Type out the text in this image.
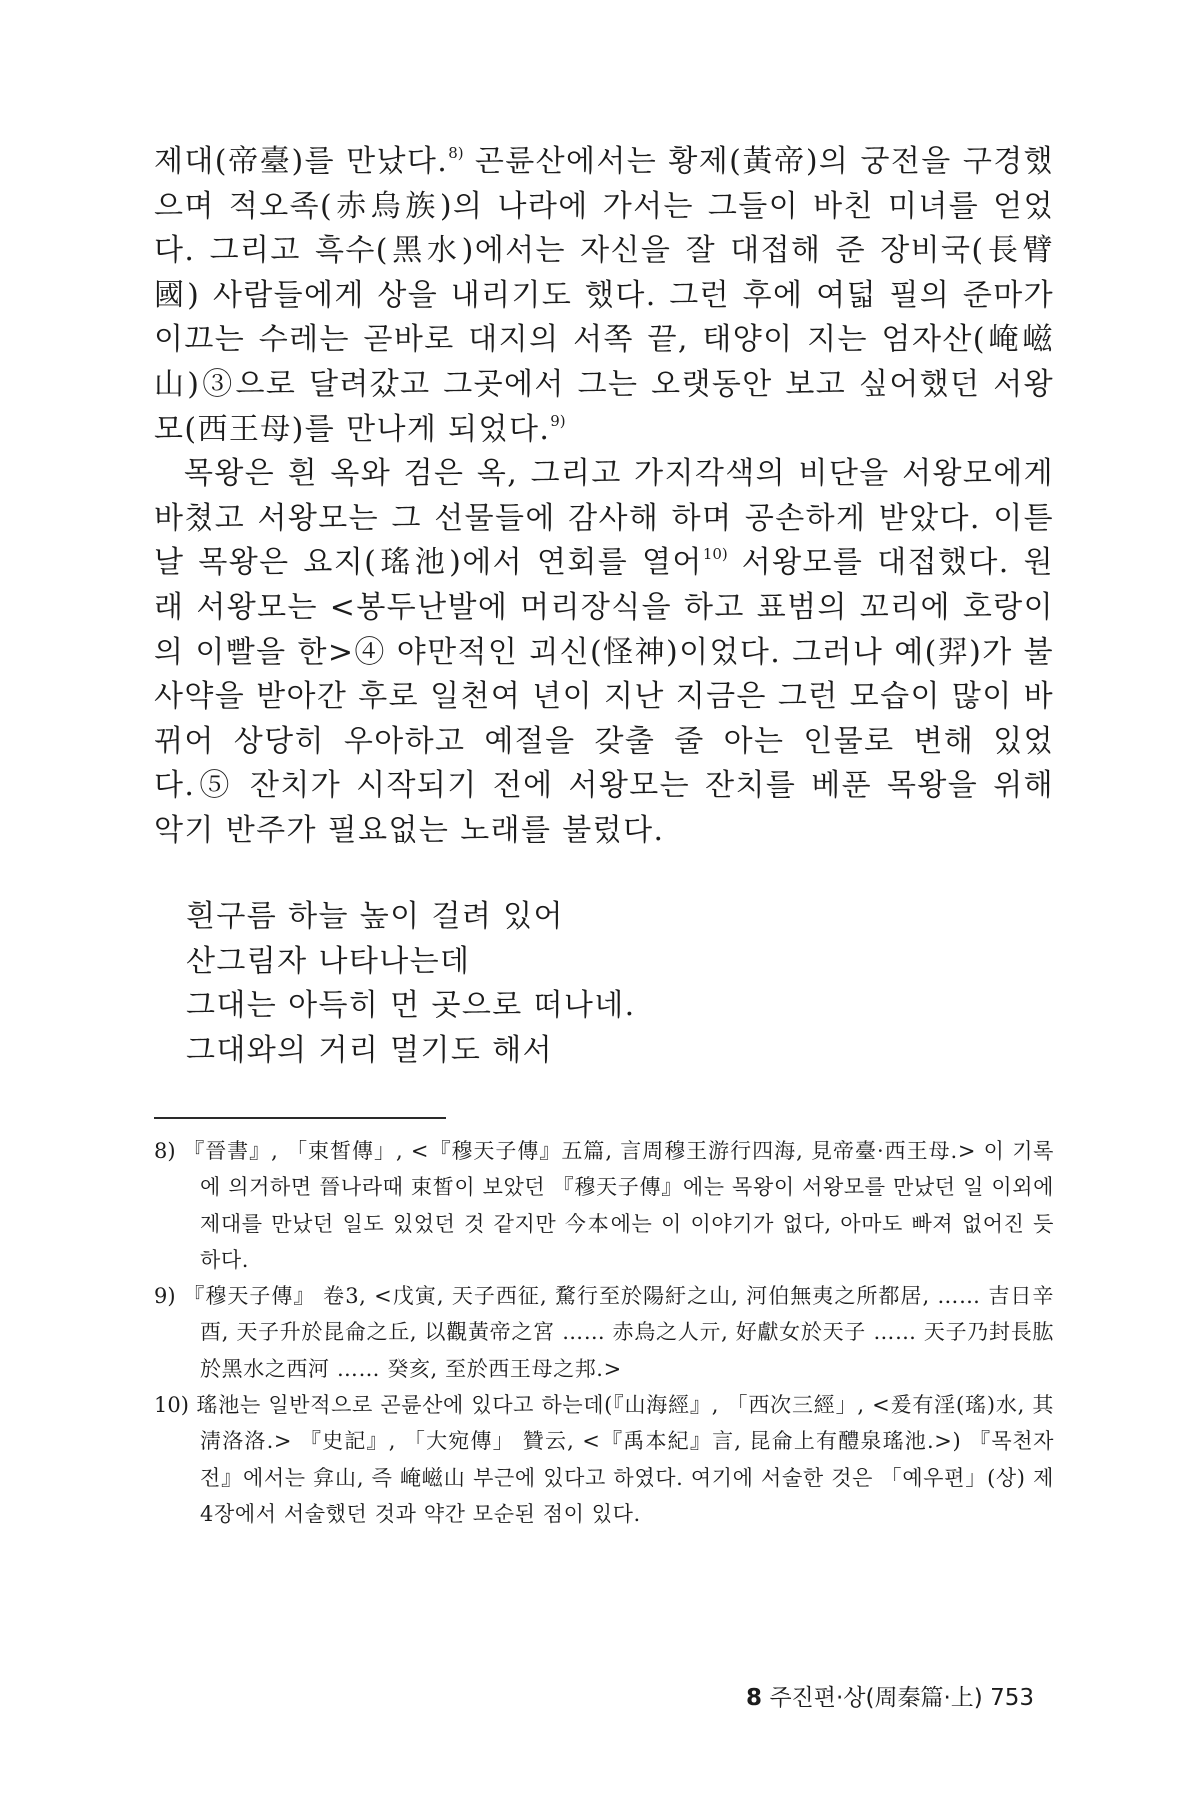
제대(帝臺)를 만났다.$^{8)}$ 곤륜산에서는 황제(黃帝)의 궁전을 구경했으며 적오족(赤烏族)의 나라에 가서는 그들이 바친 미녀를 얻었다. 그리고 흑수(黑水)에서는 자신을 잘 대접해 준 장비국(長臂國) 사람들에게 상을 내리기도 했다. 그런 후에 여덟 필의 준마가 이끄는 수레는 곧바로 대지의 서쪽 끝, 태양이 지는 엄자산(崦嵫山)③으로 달려갔고 그곳에서 그는 오랫동안 보고 싶어했던 서왕모(西王母)를 만나게 되었다.$^{9)}$

목왕은 흰 옥와 검은 옥, 그리고 가지각색의 비단을 서왕모에게 바쳤고 서왕모는 그 선물들에 감사해 하며 공손하게 받았다. 이튿날 목왕은 요지(瑤池)에서 연회를 열어$^{10)}$ 서왕모를 대접했다. 원래 서왕모는 <봉두난발에 머리장식을 하고 표범의 꼬리에 호랑이의 이빨을 한>④ 야만적인 괴신(怪神)이었다. 그러나 예(羿)가 불사약을 받아간 후로 일천여 년이 지난 지금은 그런 모습이 많이 바뀌어 상당히 우아하고 예절을 갖출 줄 아는 인물로 변해 있었다.⑤ 잔치가 시작되기 전에 서왕모는 잔치를 베푼 목왕을 위해 악기 반주가 필요없는 노래를 불렀다.

흰구름 하늘 높이 걸려 있어
산그림자 나타나는데
그대는 아득히 먼 곳으로 떠나네.
그대와의 거리 멀기도 해서

8) 『晉書』, 「束皙傳」, <『穆天子傳』五篇, 言周穆王游行四海, 見帝臺·西王母.> 이 기록에 의거하면 晉나라때 束皙이 보았던 『穆天子傳』에는 목왕이 서왕모를 만났던 일 이외에 제대를 만났던 일도 있었던 것 같지만 今本에는 이 이야기가 없다, 아마도 빠져 없어진 듯하다.

9) 『穆天子傳』 卷3, <戊寅, 天子西征, 騖行至於陽紆之山, 河伯無夷之所都居, …… 吉日辛酉, 天子升於昆侖之丘, 以觀黃帝之宮 …… 赤烏之人亓, 好獻女於天子 …… 天子乃封長肱於黑水之西河 …… 癸亥, 至於西王母之邦.>

10) 瑤池는 일반적으로 곤륜산에 있다고 하는데(『山海經』, 「西次三經」, <爰有淫(瑤)水, 其淸洛洛.> 『史記』, 「大宛傳」 贊云, <『禹本紀』言, 昆侖上有醴泉瑤池.>) 『목천자전』에서는 弇山, 즉 崦嵫山 부근에 있다고 하였다. 여기에 서술한 것은 「예우편」(상) 제4장에서 서술했던 것과 약간 모순된 점이 있다.

8 주진편·상(周秦篇·上) 753
